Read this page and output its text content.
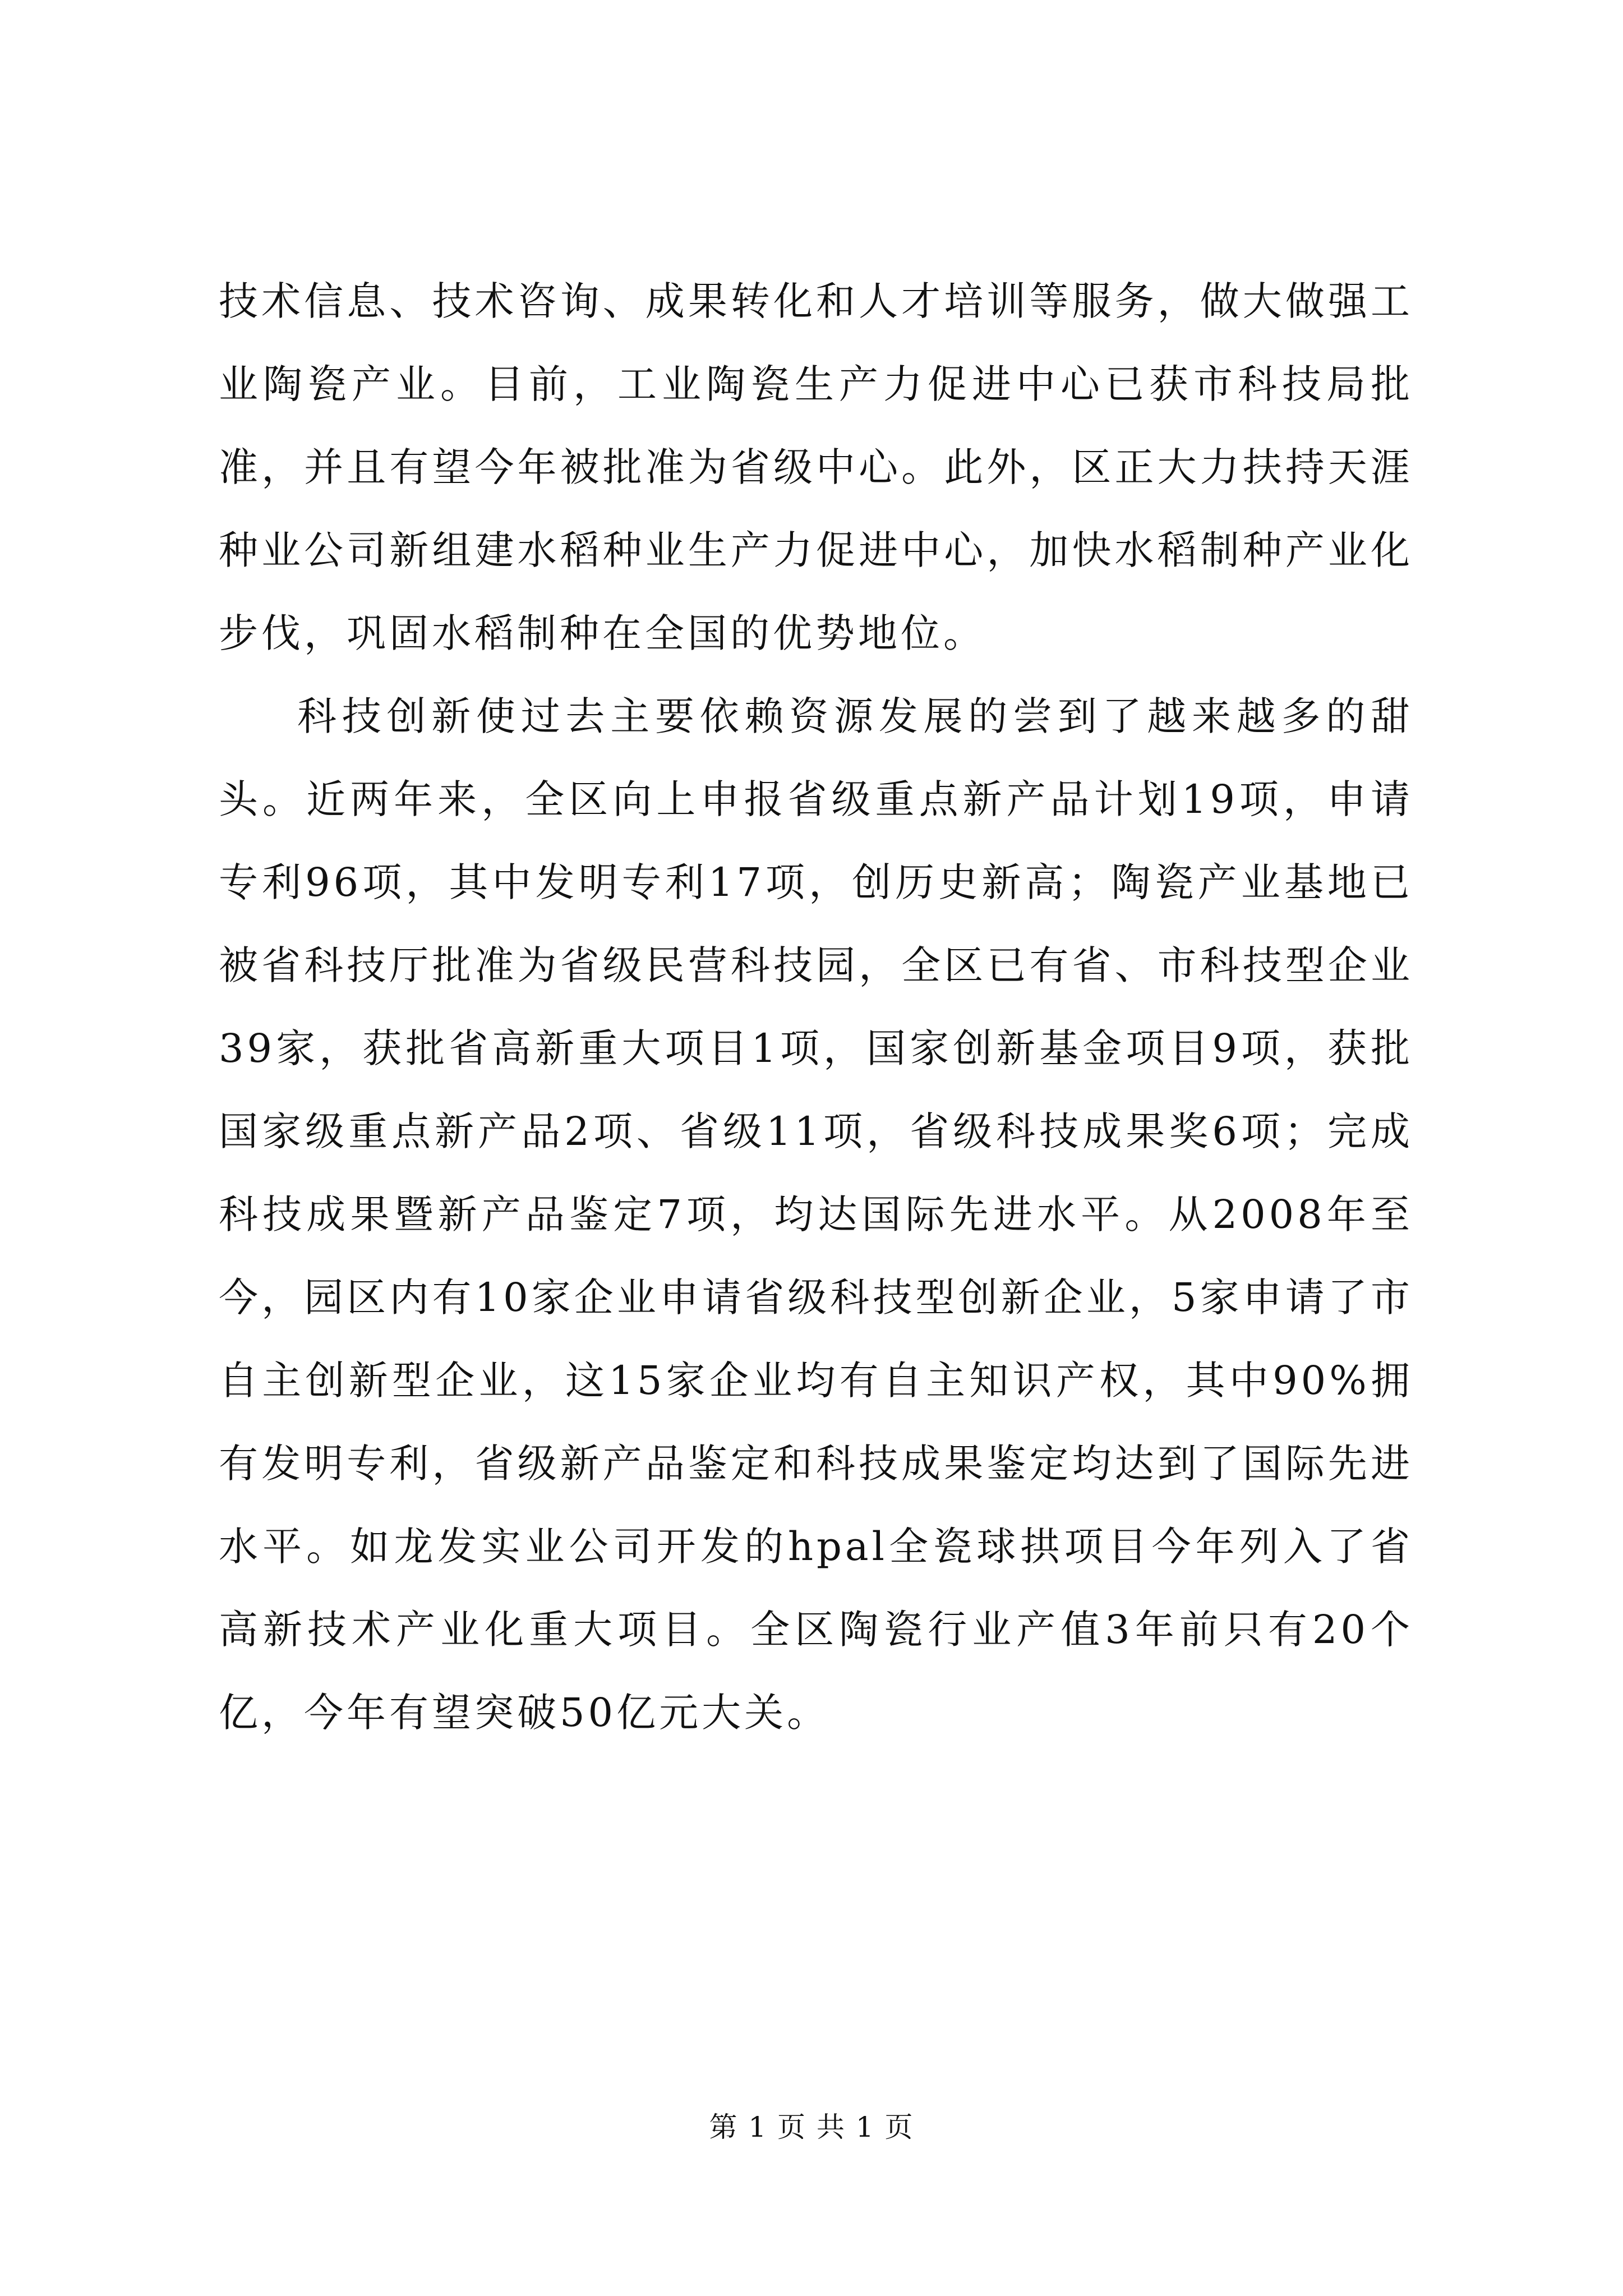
技术信息、技术咨询、成果转化和人才培训等服务，做大做强工业陶瓷产业。目前，工业陶瓷生产力促进中心已获市科技局批准，并且有望今年被批准为省级中心。此外，区正大力扶持天涯种业公司新组建水稻种业生产力促进中心，加快水稻制种产业化步伐，巩固水稻制种在全国的优势地位。

科技创新使过去主要依赖资源发展的尝到了越来越多的甜头。近两年来，全区向上申报省级重点新产品计划19项，申请专利96项，其中发明专利17项，创历史新高；陶瓷产业基地已被省科技厅批准为省级民营科技园，全区已有省、市科技型企业39家，获批省高新重大项目1项，国家创新基金项目9项，获批国家级重点新产品2项、省级11项，省级科技成果奖6项；完成科技成果暨新产品鉴定7项，均达国际先进水平。从2008年至今，园区内有10家企业申请省级科技型创新企业，5家申请了市自主创新型企业，这15家企业均有自主知识产权，其中90%拥有发明专利，省级新产品鉴定和科技成果鉴定均达到了国际先进水平。如龙发实业公司开发的hpal全瓷球拱项目今年列入了省高新技术产业化重大项目。全区陶瓷行业产值3年前只有20个亿，今年有望突破50亿元大关。

第 1 页 共 1 页
